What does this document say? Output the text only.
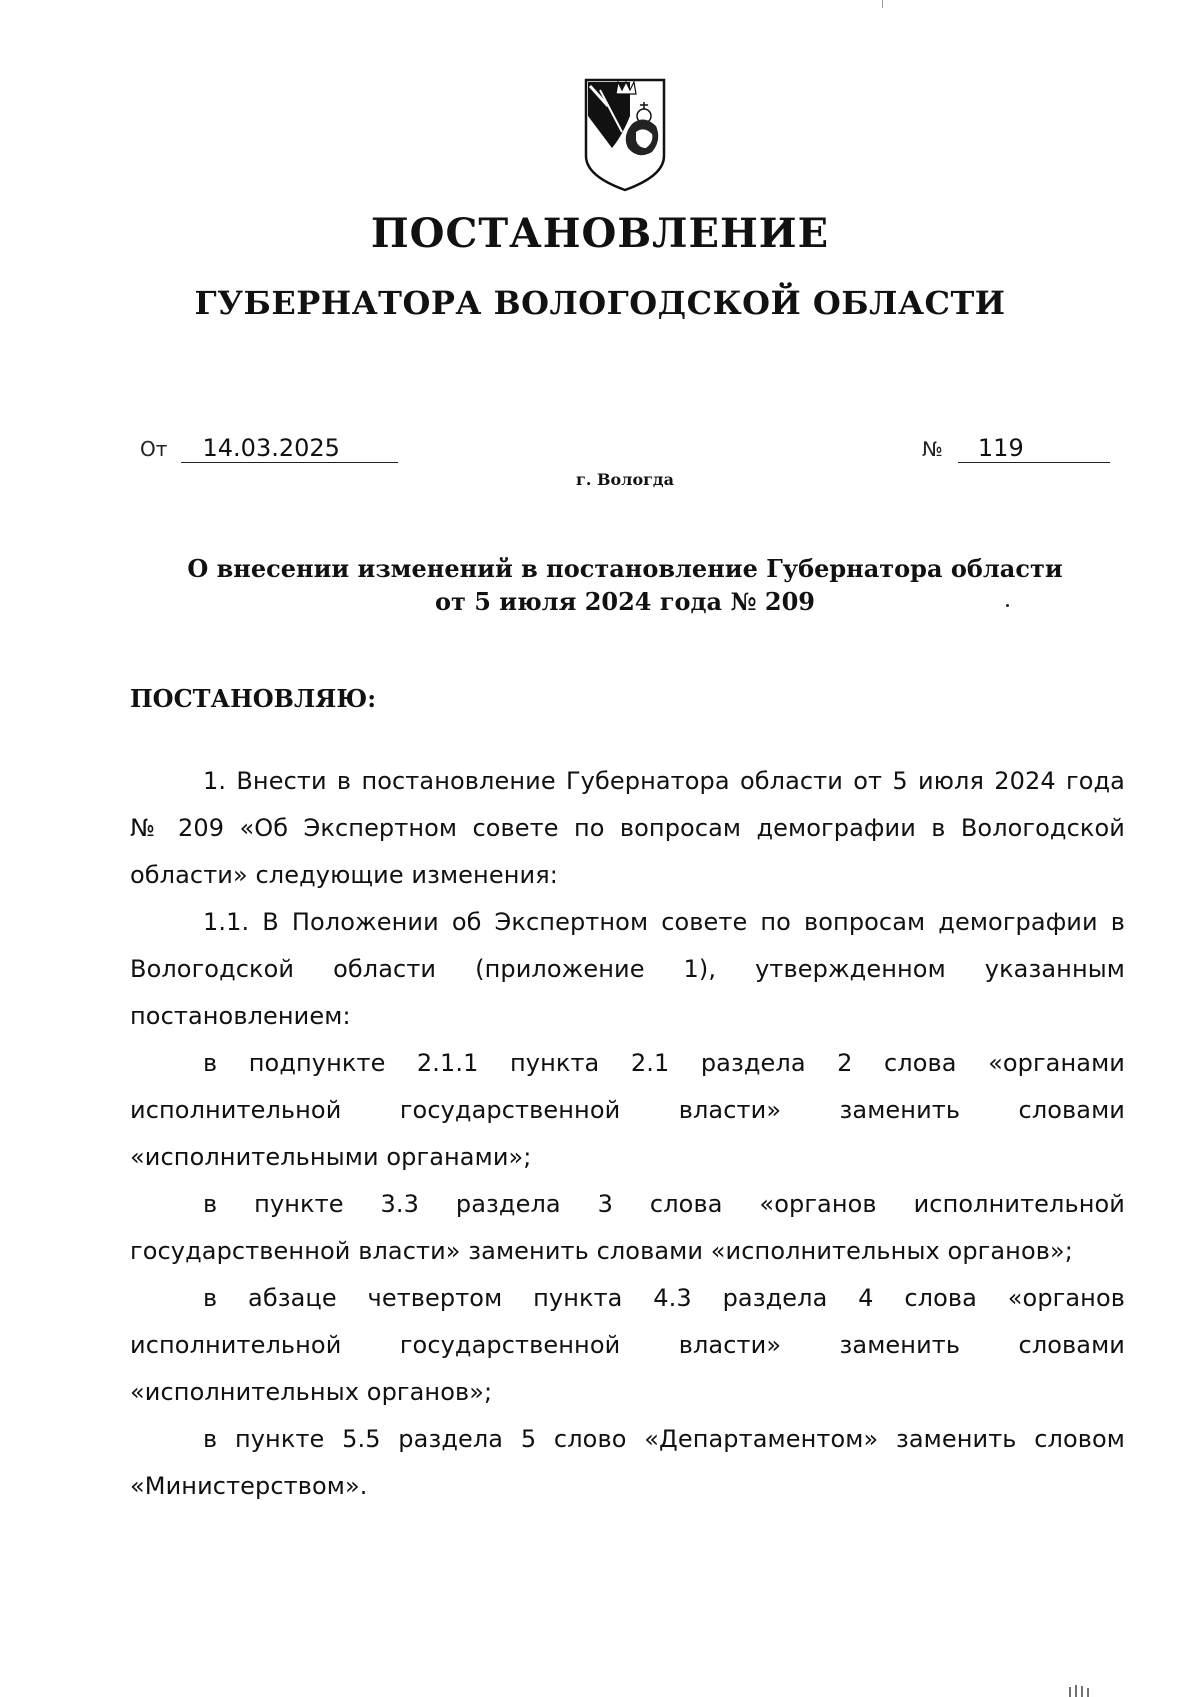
ПОСТАНОВЛЕНИЕ
ГУБЕРНАТОРА ВОЛОГОДСКОЙ ОБЛАСТИ
От 14.03.2025	№ 119
г. Вологда
О внесении изменений в постановление Губернатора области
от 5 июля 2024 года № 209
ПОСТАНОВЛЯЮ:

1. Внести в постановление Губернатора области от 5 июля 2024 года № 209 «Об Экспертном совете по вопросам демографии в Вологодской области» следующие изменения:

1.1. В Положении об Экспертном совете по вопросам демографии в Вологодской области (приложение 1), утвержденном указанным постановлением:

в подпункте 2.1.1 пункта 2.1 раздела 2 слова «органами исполнительной государственной власти» заменить словами «исполнительными органами»;

в пункте 3.3 раздела 3 слова «органов исполнительной государственной власти» заменить словами «исполнительных органов»;

в абзаце четвертом пункта 4.3 раздела 4 слова «органов исполнительной государственной власти» заменить словами «исполнительных органов»;

в пункте 5.5 раздела 5 слово «Департаментом» заменить словом «Министерством».
